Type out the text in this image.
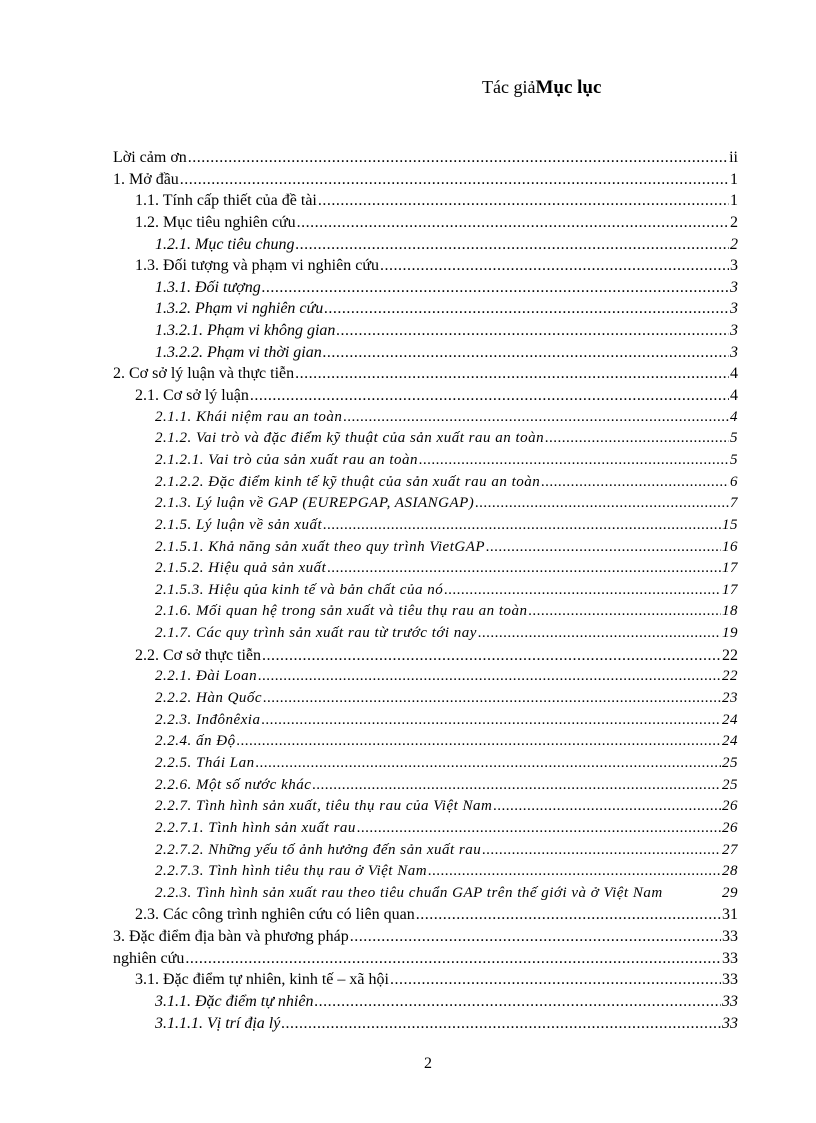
Tác giảMục lục
Lời cảm ơn .....	ii
1. Mở đầu .....	1
1.1. Tính cấp thiết của đề tài .....	1
1.2. Mục tiêu nghiên cứu .....	2
1.2.1. Mục tiêu chung .....	2
1.3. Đối tượng và phạm vi nghiên cứu .....	3
1.3.1. Đối tượng .....	3
1.3.2. Phạm vi nghiên cứu .....	3
1.3.2.1. Phạm vi không gian .....	3
1.3.2.2. Phạm vi thời gian .....	3
2. Cơ sở lý luận và thực tiễn .....	4
2.1. Cơ sở lý luận .....	4
2.1.1. Khái niệm rau an toàn .....	4
2.1.2. Vai trò và đặc điểm kỹ thuật của sản xuất rau an toàn .....	5
2.1.2.1. Vai trò của sản xuất rau an toàn .....	5
2.1.2.2. Đặc điểm kinh tế kỹ thuật của sản xuất rau an toàn .....	6
2.1.3. Lý luận về GAP (EUREPGAP, ASIANGAP) .....	7
2.1.5. Lý luận về sản xuất .....	15
2.1.5.1. Khả năng sản xuất theo quy trình VietGAP .....	16
2.1.5.2. Hiệu quả sản xuất .....	17
2.1.5.3. Hiệu qủa kinh tế và bản chất của nó .....	17
2.1.6. Mối quan hệ trong sản xuất và tiêu thụ rau an toàn .....	18
2.1.7. Các quy trình sản xuất rau từ trước tới nay .....	19
2.2. Cơ sở thực tiễn .....	22
2.2.1. Đài Loan .....	22
2.2.2. Hàn Quốc .....	23
2.2.3. Inđônêxia .....	24
2.2.4. ấn Độ .....	24
2.2.5. Thái Lan .....	25
2.2.6. Một số nước khác .....	25
2.2.7. Tình hình sản xuất, tiêu thụ rau của Việt Nam .....	26
2.2.7.1. Tình hình sản xuất rau .....	26
2.2.7.2. Những yếu tố ảnh hưởng đến sản xuất rau .....	27
2.2.7.3. Tình hình tiêu thụ rau ở Việt Nam .....	28
2.2.3. Tình hình sản xuất rau theo tiêu chuẩn GAP trên thế giới và ở Việt Nam	29
2.3. Các công trình nghiên cứu có liên quan .....	31
3. Đặc điểm địa bàn và phương pháp .....	33
nghiên cứu .....	33
3.1. Đặc điểm tự nhiên, kinh tế – xã hội .....	33
3.1.1. Đặc điểm tự nhiên .....	33
3.1.1.1. Vị trí địa lý .....	33
2
